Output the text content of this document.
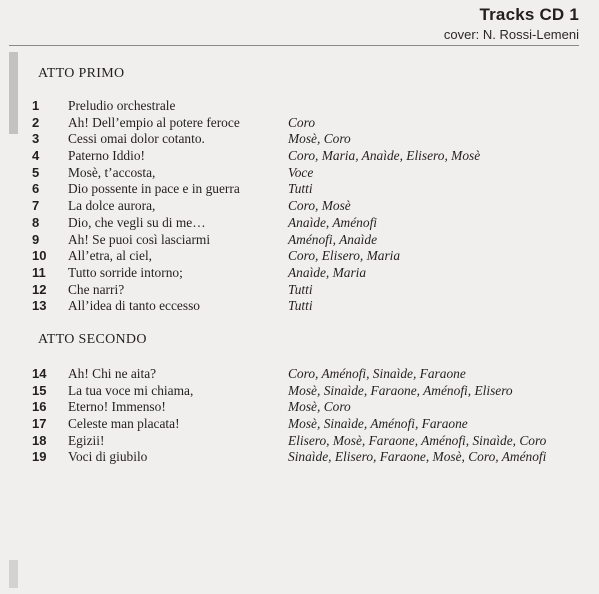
Tracks CD 1
cover: N. Rossi-Lemeni
ATTO PRIMO
1	Preludio orchestrale
2	Ah! Dell’empio al potere feroce	Coro
3	Cessi omai dolor cotanto.	Mosè, Coro
4	Paterno Iddio!	Coro, Maria, Anaìde, Elisero, Mosè
5	Mosè, t’accosta,	Voce
6	Dio possente in pace e in guerra	Tutti
7	La dolce aurora,	Coro, Mosè
8	Dio, che vegli su di me…	Anaìde, Aménofi
9	Ah! Se puoi così lasciarmi	Aménofi, Anaìde
10 All’etra, al ciel,	Coro, Elisero, Maria
11	Tutto sorride intorno;	Anaìde, Maria
12 Che narri?	Tutti
13 All’idea di tanto eccesso	Tutti
ATTO SECONDO
14 Ah! Chi ne aita?	Coro, Aménofi, Sinaìde, Faraone
15 La tua voce mi chiama,	Mosè, Sinaìde, Faraone, Aménofi, Elisero
16 Eterno! Immenso!	Mosè, Coro
17 Celeste man placata!	Mosè, Sinaìde, Aménofi, Faraone
18 Egizii!	Elisero, Mosè, Faraone, Aménofi, Sinaìde, Coro
19 Voci di giubilo	Sinaìde, Elisero, Faraone, Mosè, Coro, Aménofi
